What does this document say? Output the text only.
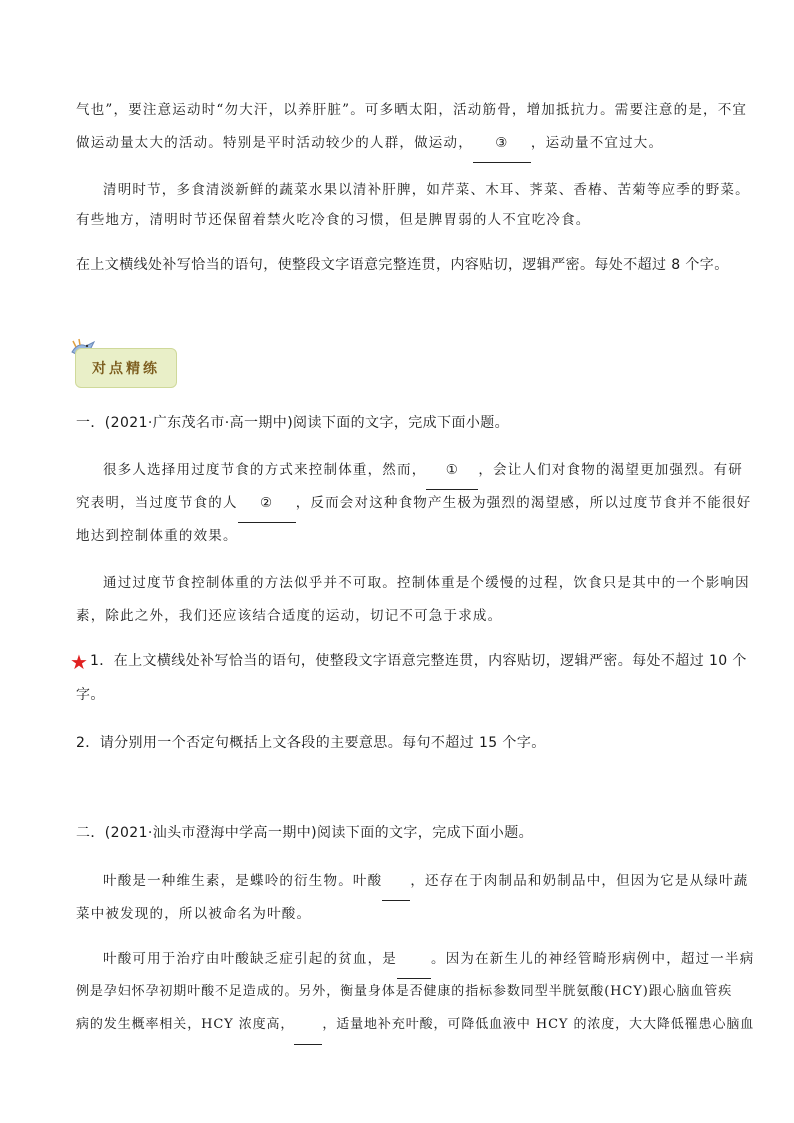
气也”，要注意运动时“勿大汗，以养肝脏”。可多晒太阳，活动筋骨，增加抵抗力。需要注意的是，不宜
做运动量太大的活动。特别是平时活动较少的人群，做运动， ③ ，运动量不宜过大。
清明时节，多食清淡新鲜的蔬菜水果以清补肝脾，如芹菜、木耳、荠菜、香椿、苦菊等应季的野菜。
有些地方，清明时节还保留着禁火吃冷食的习惯，但是脾胃弱的人不宜吃冷食。
在上文横线处补写恰当的语句，使整段文字语意完整连贯，内容贴切，逻辑严密。每处不超过 8 个字。
对点精练
一．(2021·广东茂名市·高一期中)阅读下面的文字，完成下面小题。
很多人选择用过度节食的方式来控制体重，然而， ① ，会让人们对食物的渴望更加强烈。有研
究表明，当过度节食的人 ② ，反而会对这种食物产生极为强烈的渴望感，所以过度节食并不能很好
地达到控制体重的效果。
通过过度节食控制体重的方法似乎并不可取。控制体重是个缓慢的过程，饮食只是其中的一个影响因
素，除此之外，我们还应该结合适度的运动，切记不可急于求成。
★ 1．在上文横线处补写恰当的语句，使整段文字语意完整连贯，内容贴切，逻辑严密。每处不超过 10 个
字。
2．请分别用一个否定句概括上文各段的主要意思。每句不超过 15 个字。
二．(2021·汕头市澄海中学高一期中)阅读下面的文字，完成下面小题。
叶酸是一种维生素，是蝶呤的衍生物。叶酸 ，还存在于肉制品和奶制品中，但因为它是从绿叶蔬
菜中被发现的，所以被命名为叶酸。
叶酸可用于治疗由叶酸缺乏症引起的贫血，是	。因为在新生儿的神经管畸形病例中，超过一半病
例是孕妇怀孕初期叶酸不足造成的。另外，衡量身体是否健康的指标参数同型半胱氨酸(HCY)跟心脑血管疾
病的发生概率相关，HCY 浓度高， ，适量地补充叶酸，可降低血液中 HCY 的浓度，大大降低罹患心脑血
